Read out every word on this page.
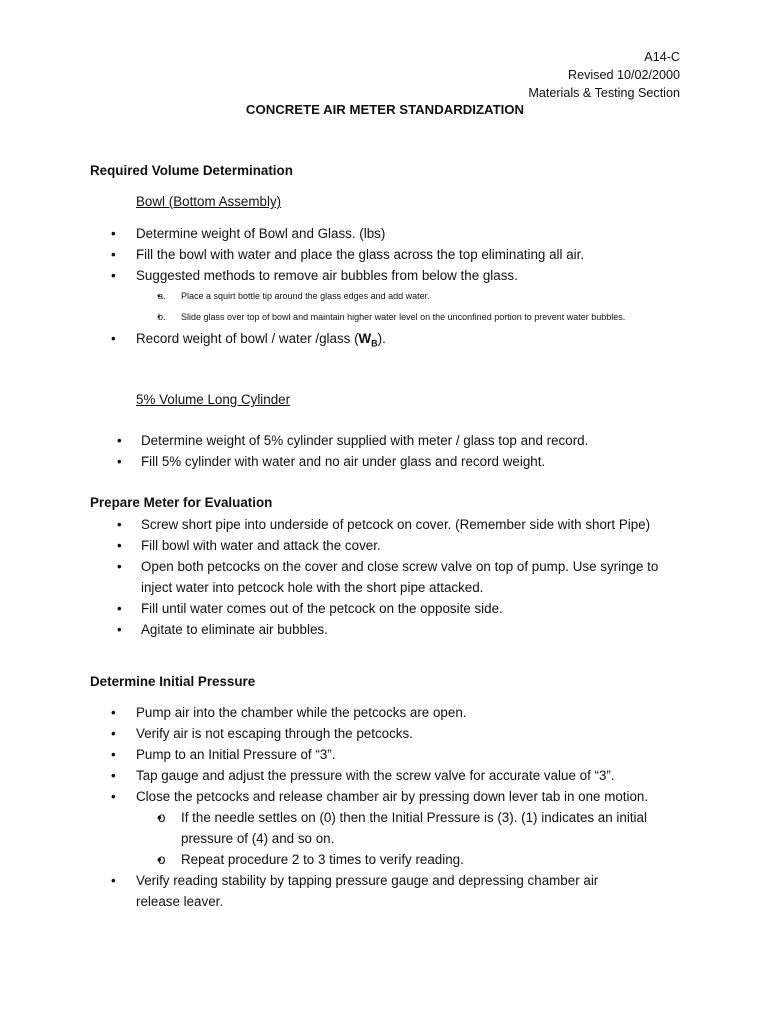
A14-C
Revised 10/02/2000
Materials & Testing Section
CONCRETE AIR METER STANDARDIZATION
Required Volume Determination
Bowl (Bottom Assembly)
• Determine weight of Bowl and Glass. (lbs)
• Fill the bowl with water and place the glass across the top eliminating all air.
• Suggested methods to remove air bubbles from below the glass.
• a. Place a squirt bottle tip around the glass edges and add water.
• b. Slide glass over top of bowl and maintain higher water level on the unconfined portion to prevent water bubbles.
• Record weight of bowl / water /glass $(W_B)$.
5% Volume Long Cylinder
• Determine weight of 5% cylinder supplied with meter / glass top and record.
• Fill 5% cylinder with water and no air under glass and record weight.
Prepare Meter for Evaluation
• Screw short pipe into underside of petcock on cover. (Remember side with short Pipe)
• Fill bowl with water and attack the cover.
• Open both petcocks on the cover and close screw valve on top of pump. Use syringe to inject water into petcock hole with the short pipe attacked.
• Fill until water comes out of the petcock on the opposite side.
• Agitate to eliminate air bubbles.
Determine Initial Pressure
• Pump air into the chamber while the petcocks are open.
• Verify air is not escaping through the petcocks.
• Pump to an Initial Pressure of “3”.
• Tap gauge and adjust the pressure with the screw valve for accurate value of “3”.
• Close the petcocks and release chamber air by pressing down lever tab in one motion.
• o If the needle settles on (0) then the Initial Pressure is (3). (1) indicates an initial pressure of (4) and so on.
• o Repeat procedure 2 to 3 times to verify reading.
• Verify reading stability by tapping pressure gauge and depressing chamber air release leaver.
